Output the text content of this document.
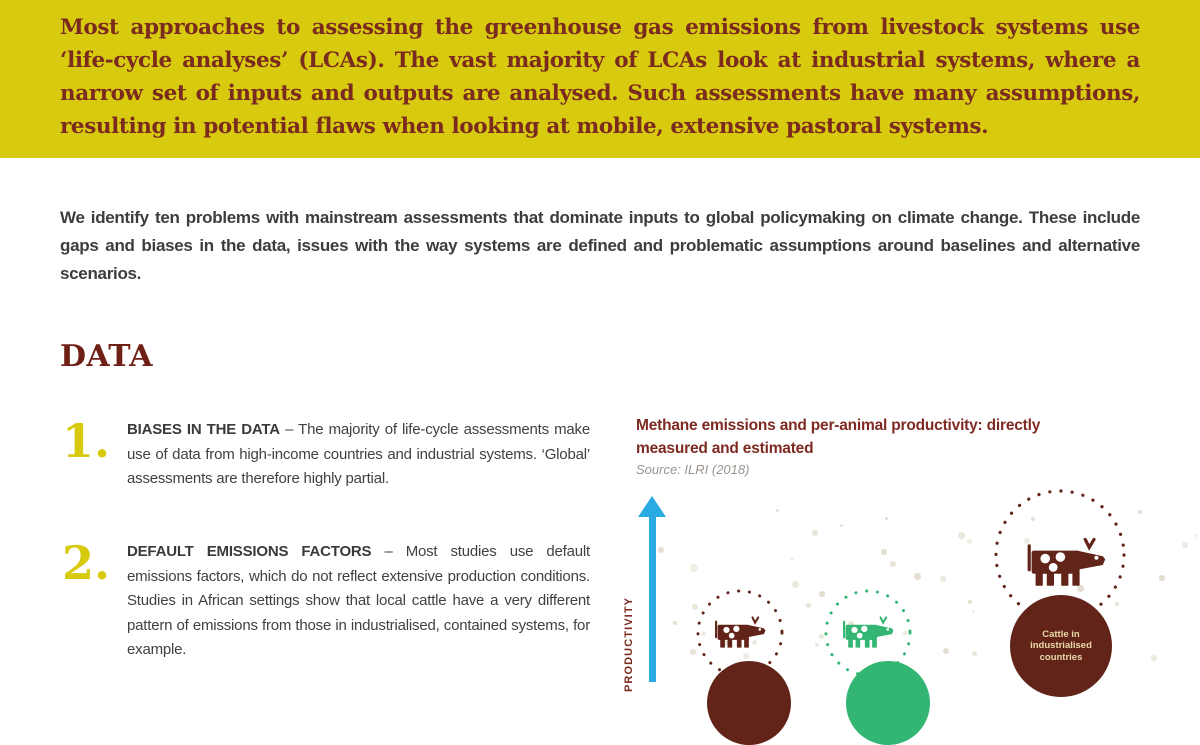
Most approaches to assessing the greenhouse gas emissions from livestock systems use ‘life-cycle analyses’ (LCAs). The vast majority of LCAs look at industrial systems, where a narrow set of inputs and outputs are analysed. Such assessments have many assumptions, resulting in potential flaws when looking at mobile, extensive pastoral systems.

We identify ten problems with mainstream assessments that dominate inputs to global policymaking on climate change. These include gaps and biases in the data, issues with the way systems are defined and problematic assumptions around baselines and alternative scenarios.

DATA
1. BIASES IN THE DATA – The majority of life-cycle assessments make use of data from high-income countries and industrial systems. ‘Global’ assessments are therefore highly partial.

2. DEFAULT EMISSIONS FACTORS – Most studies use default emissions factors, which do not reflect extensive production conditions. Studies in African settings show that local cattle have a very different pattern of emissions from those in industrialised, contained systems, for example.

Methane emissions and per-animal productivity: directly measured and estimated

Source: ILRI (2018)

PRODUCTIVITY	Cattle in industrialised countries
